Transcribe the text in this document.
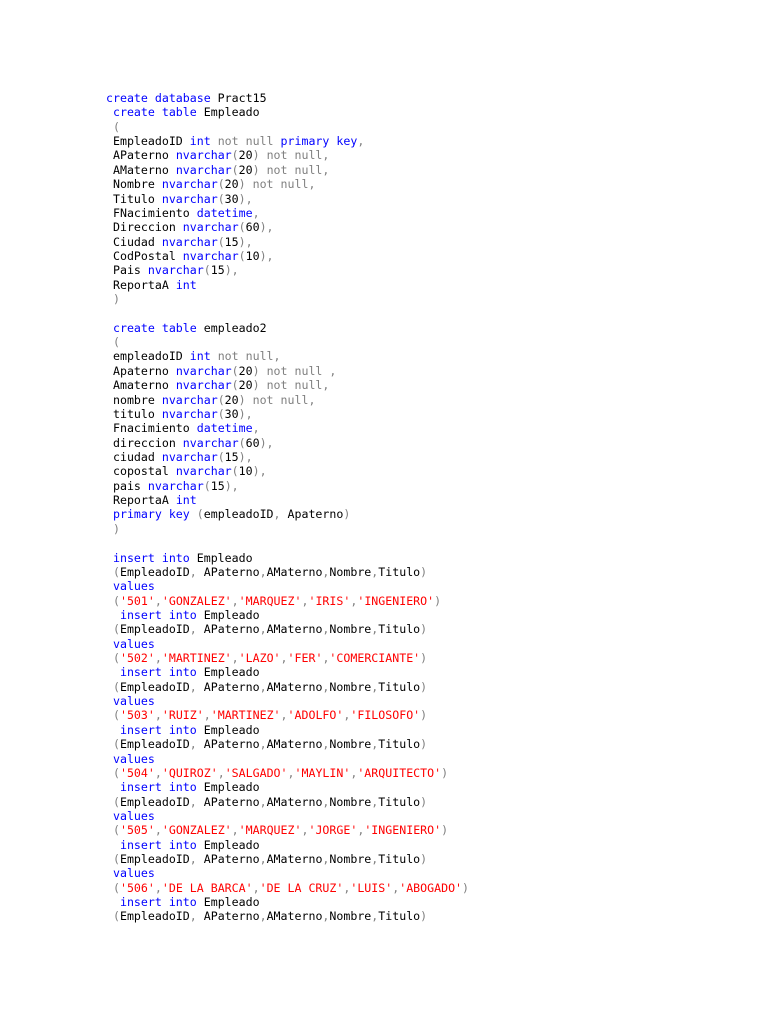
create database Pract15
create table Empleado
(
EmpleadoID int not null primary key,
APaterno nvarchar(20) not null,
AMaterno nvarchar(20) not null,
Nombre nvarchar(20) not null,
Titulo nvarchar(30),
FNacimiento datetime,
Direccion nvarchar(60),
Ciudad nvarchar(15),
CodPostal nvarchar(10),
Pais nvarchar(15),
ReportaA int
)
create table empleado2
(
empleadoID int not null,
Apaterno nvarchar(20) not null ,
Amaterno nvarchar(20) not null,
nombre nvarchar(20) not null,
titulo nvarchar(30),
Fnacimiento datetime,
direccion nvarchar(60),
ciudad nvarchar(15),
copostal nvarchar(10),
pais nvarchar(15),
ReportaA int
primary key (empleadoID, Apaterno)
)
insert into Empleado
(EmpleadoID, APaterno,AMaterno,Nombre,Titulo)
values
('501','GONZALEZ','MARQUEZ','IRIS','INGENIERO')
insert into Empleado
(EmpleadoID, APaterno,AMaterno,Nombre,Titulo)
values
('502','MARTINEZ','LAZO','FER','COMERCIANTE')
insert into Empleado
(EmpleadoID, APaterno,AMaterno,Nombre,Titulo)
values
('503','RUIZ','MARTINEZ','ADOLFO','FILOSOFO')
insert into Empleado
(EmpleadoID, APaterno,AMaterno,Nombre,Titulo)
values
('504','QUIROZ','SALGADO','MAYLIN','ARQUITECTO')
insert into Empleado
(EmpleadoID, APaterno,AMaterno,Nombre,Titulo)
values
('505','GONZALEZ','MARQUEZ','JORGE','INGENIERO')
insert into Empleado
(EmpleadoID, APaterno,AMaterno,Nombre,Titulo)
values
('506','DE LA BARCA','DE LA CRUZ','LUIS','ABOGADO')
insert into Empleado
(EmpleadoID, APaterno,AMaterno,Nombre,Titulo)
